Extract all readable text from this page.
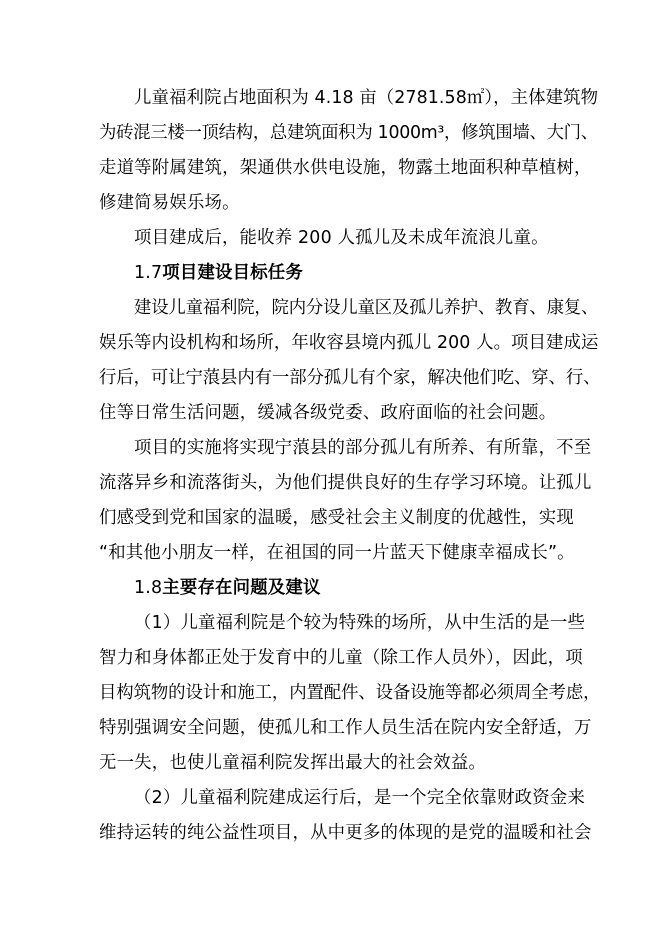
儿童福利院占地面积为 4.18 亩（2781.58㎡），主体建筑物
为砖混三楼一顶结构，总建筑面积为 1000m³，修筑围墙、大门、
走道等附属建筑，架通供水供电设施，物露土地面积种草植树，
修建简易娱乐场。
项目建成后，能收养 200 人孤儿及未成年流浪儿童。
1.7项目建设目标任务
建设儿童福利院，院内分设儿童区及孤儿养护、教育、康复、
娱乐等内设机构和场所，年收容县境内孤儿 200 人。项目建成运
行后，可让宁蒗县内有一部分孤儿有个家，解决他们吃、穿、行、
住等日常生活问题，缓减各级党委、政府面临的社会问题。
项目的实施将实现宁蒗县的部分孤儿有所养、有所靠，不至
流落异乡和流落街头，为他们提供良好的生存学习环境。让孤儿
们感受到党和国家的温暖，感受社会主义制度的优越性，实现
“和其他小朋友一样，在祖国的同一片蓝天下健康幸福成长”。
1.8主要存在问题及建议
（1）儿童福利院是个较为特殊的场所，从中生活的是一些
智力和身体都正处于发育中的儿童（除工作人员外），因此，项
目构筑物的设计和施工，内置配件、设备设施等都必须周全考虑，
特别强调安全问题，使孤儿和工作人员生活在院内安全舒适，万
无一失，也使儿童福利院发挥出最大的社会效益。
（2）儿童福利院建成运行后，是一个完全依靠财政资金来
维持运转的纯公益性项目，从中更多的体现的是党的温暖和社会
